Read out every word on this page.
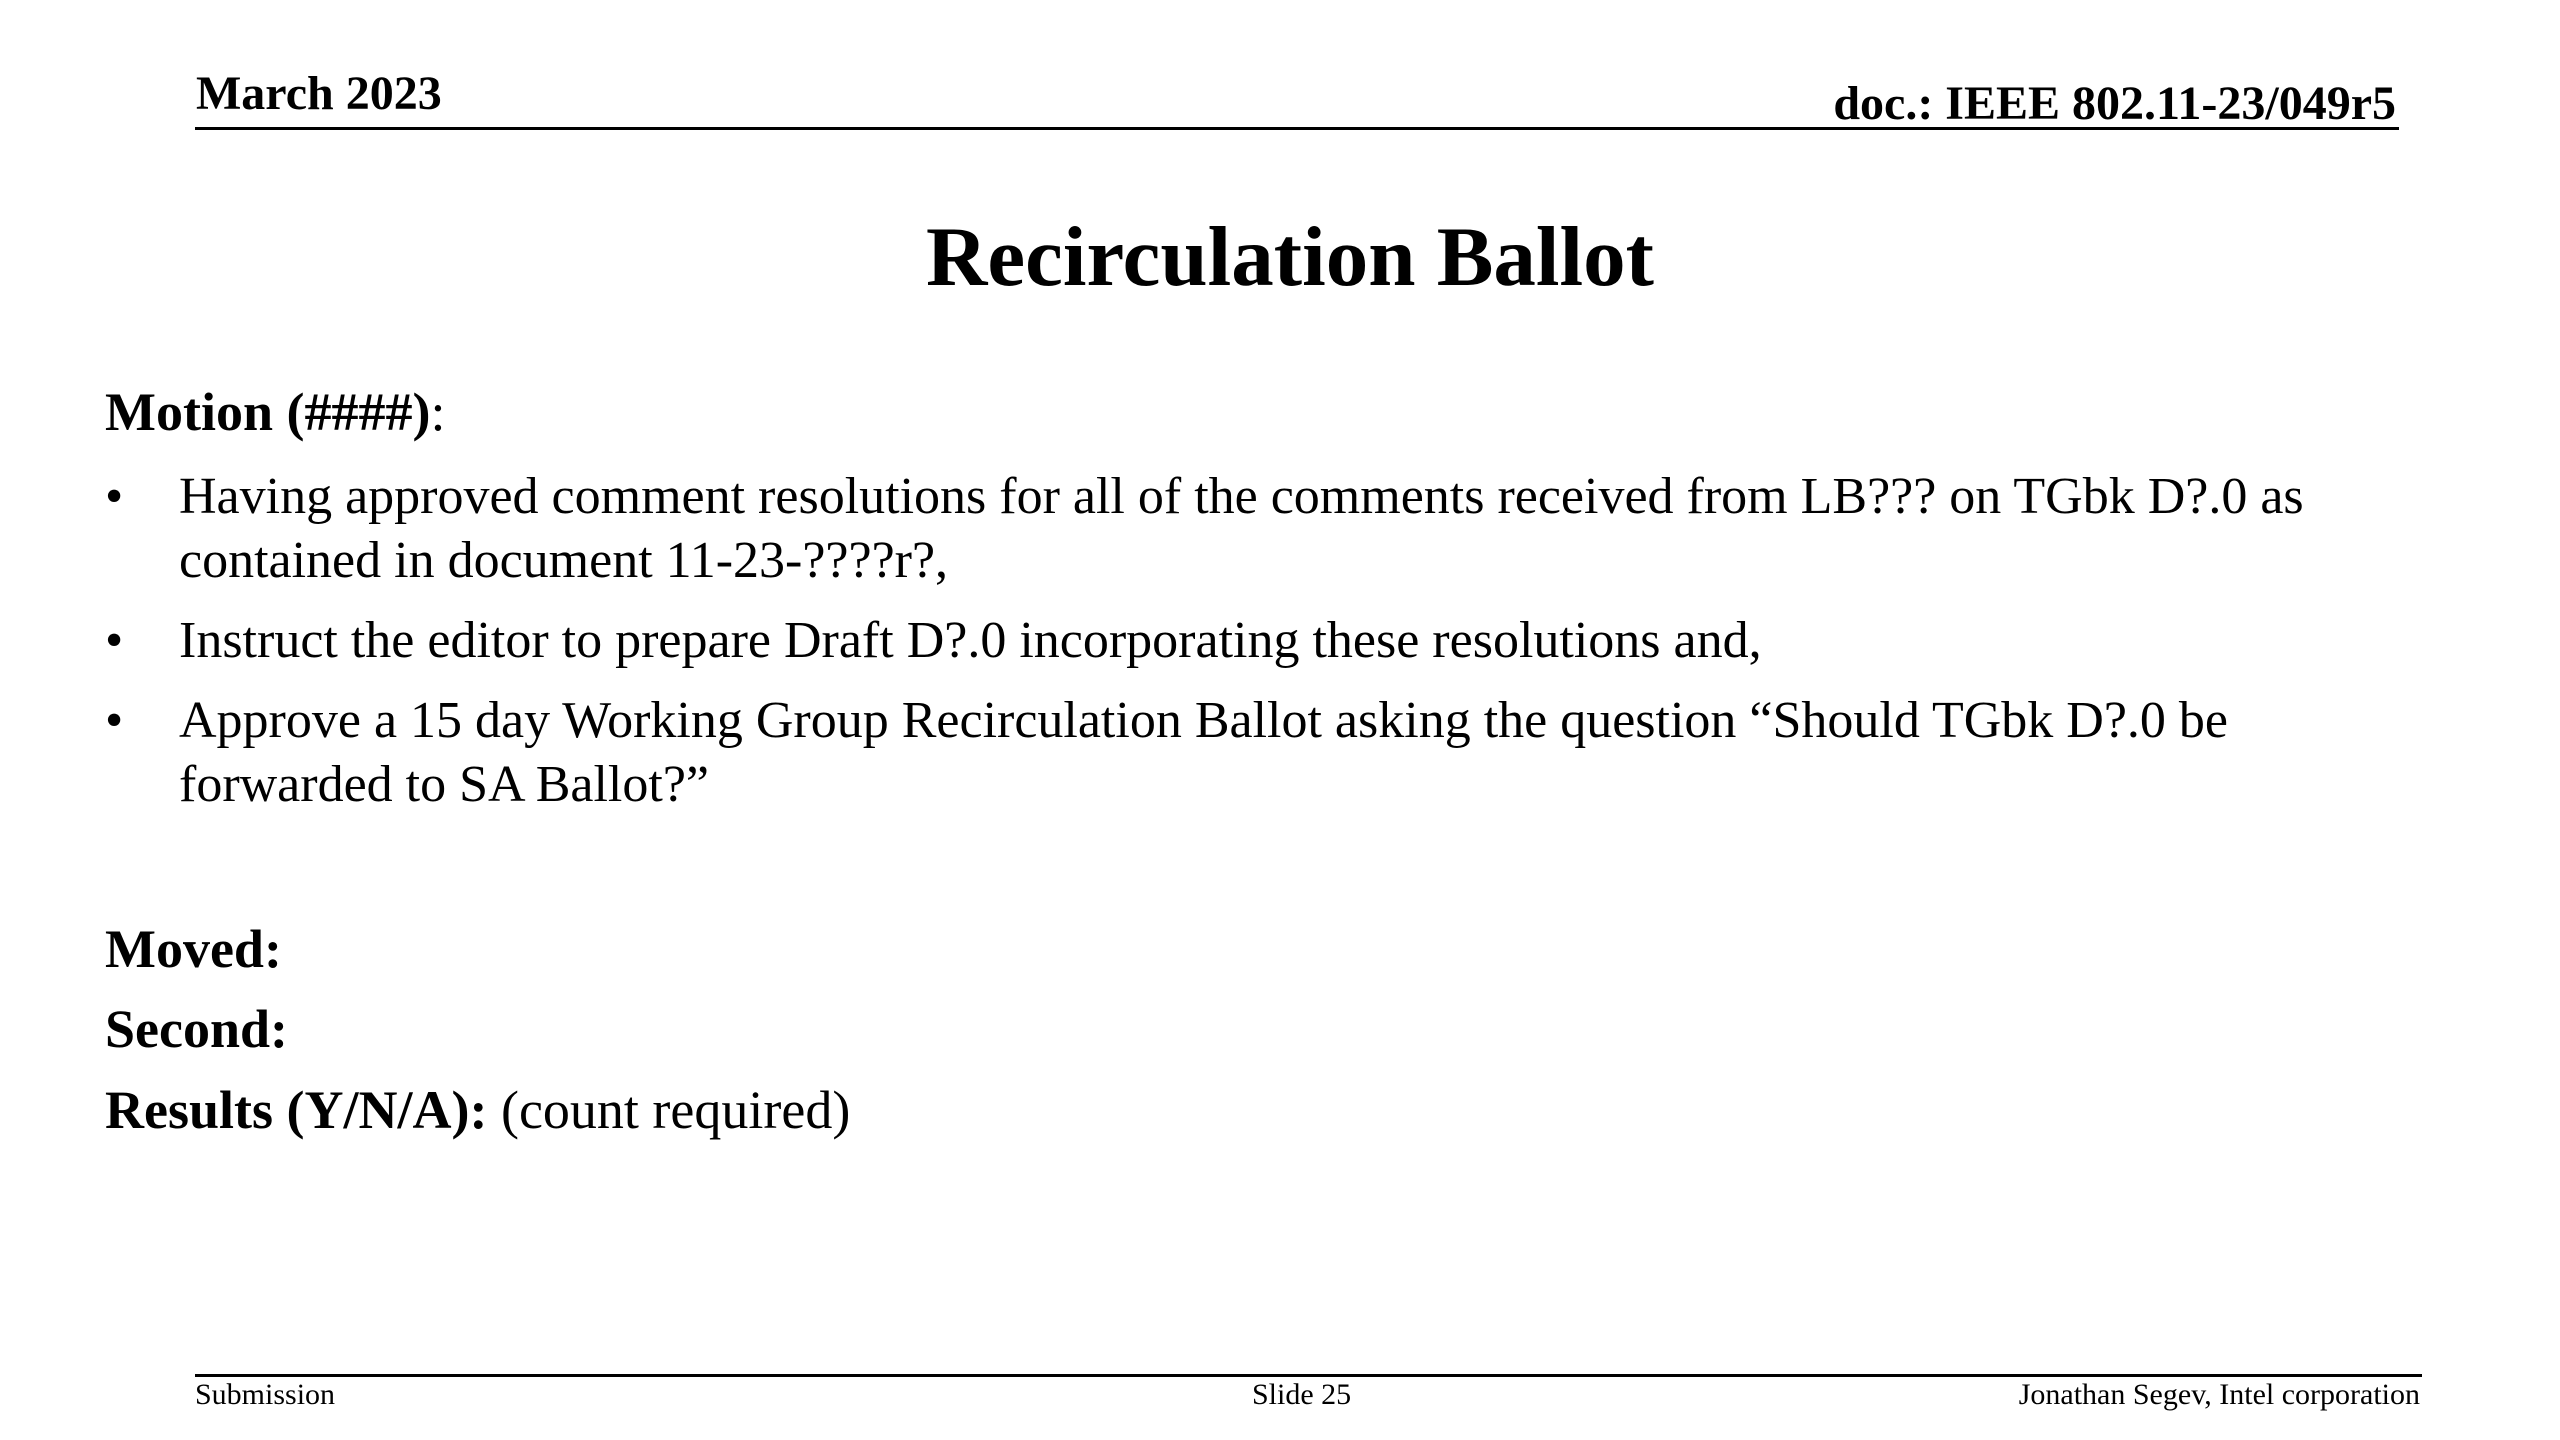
March 2023	doc.: IEEE 802.11-23/049r5
Recirculation Ballot
Motion (####):
•	Having approved comment resolutions for all of the comments received from LB??? on TGbk D?.0 as contained in document 11-23-????r?,
•	Instruct the editor to prepare Draft D?.0 incorporating these resolutions and,
•	Approve a 15 day Working Group Recirculation Ballot asking the question “Should TGbk D?.0 be forwarded to SA Ballot?”
Moved:
Second:
Results (Y/N/A): (count required)
Submission	Slide 25	Jonathan Segev, Intel corporation
